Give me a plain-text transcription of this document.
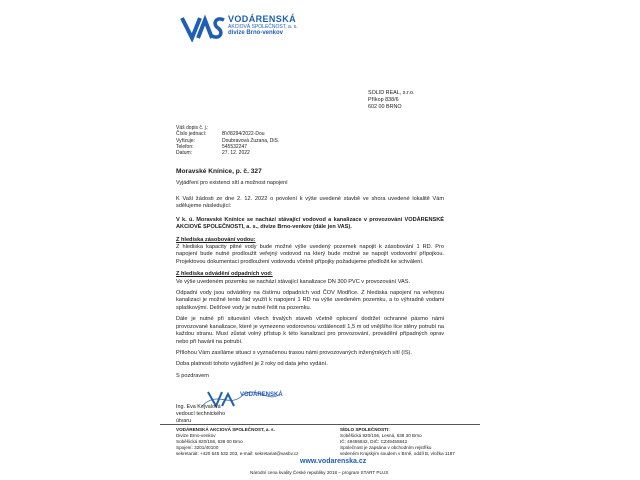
VODÁRENSKÁ
AKCIOVÁ SPOLEČNOST, a. s.
divize Brno-venkov
SOLID REAL, s.r.o.
Příkop 838/6
602 00 BRNO
Váš dopis č. j.:
Číslo jednací:	BV/8294/2022-Dou
Vyřizuje:	Doubravová Zuzana, DiS.
Telefon:	545532247
Datum:	27. 12. 2022
Moravské Knínice, p. č. 327
Vyjádření pro existenci sítí a možnost napojení
K Vaší žádosti ze dne 2. 12. 2022 o povolení k výše uvedené stavbě ve shora uvedené lokalitě Vám sdělujeme následující:
V k. ú. Moravské Knínice se nachází stávající vodovod a kanalizace v provozování VODÁRENSKÉ AKCIOVÉ SPOLEČNOSTI, a. s., divize Brno-venkov (dále jen VAS).
Z hlediska zásobování vodou:
Z hlediska kapacity pitné vody bude možné výše uvedený pozemek napojit k zásobování 1 RD. Pro napojení bude nutné prodloužit veřejný vodovod na který bude možné se napojit vodovodní přípojkou. Projektovou dokumentaci prodloužení vodovodu včetně přípojky požadujeme předložit ke schválení.
Z hlediska odvádění odpadních vod:
Ve výše uvedeném pozemku se nachází stávající kanalizace DN 300 PVC v provozování VAS.
Odpadní vody jsou odváděny na čistírnu odpadních vod ČOV Modřice. Z hlediska napojení na veřejnou kanalizaci je možné tento řad využít k napojení 1 RD na výše uvedeném pozemku, a to výhradně vodami splaškovými. Dešťové vody je nutné řešit na pozemku.
Dále je nutné při situování všech trvalých staveb včetně oplocení dodržet ochranné pásmo námi provozované kanalizace, které je vymezeno vodorovnou vzdáleností 1,5 m od vnějšího líce stěny potrubí na každou stranu. Musí zůstat volný přístup k této kanalizaci pro provozování, provádění případných oprav nebo při havárii na potrubí.
Přílohou Vám zasíláme situaci s vyznačenou trasou námi provozovaných inženýrských sítí (IS).
Doba platnosti tohoto vyjádření je 2 roky od data jeho vydání.
S pozdravem
VODÁRENSKÁ
Ing. Eva Kejvalová
vedoucí technického
útvaru
VODÁRENSKÁ AKCIOVÁ SPOLEČNOST, a. s.
Divize Brno-venkov
Soběšická 820/156, 638 00 Brno
Spojení: 3201/40100
sekretariát: +420 545 532 203, e-mail: sekretariat@vasbv.cz
SÍDLO SPOLEČNOSTI:
Soběšická 820/156, Lesná, 638 30 Brno
IČ: 49455842, DIČ: CZ49455842
Společnost je zapsána v obchodním rejstříku
vedeném Krajským soudem v Brně, oddíl B, vložka 1187
www.vodarenska.cz
Národní cena kvality České republiky 2018 – program START PLUS
